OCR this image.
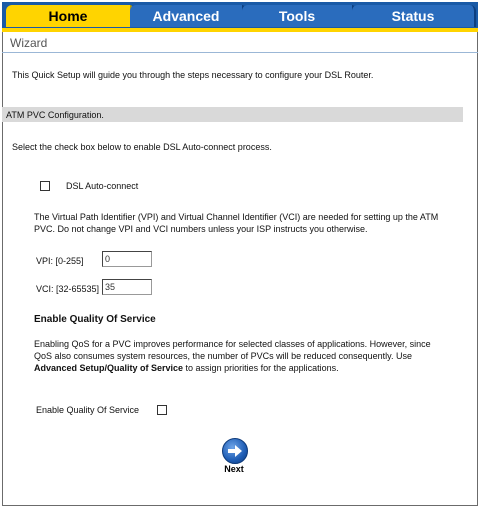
Home	Advanced	Tools	Status
Wizard
This Quick Setup will guide you through the steps necessary to configure your DSL Router.
ATM PVC Configuration.
Select the check box below to enable DSL Auto-connect process.
DSL Auto-connect
The Virtual Path Identifier (VPI) and Virtual Channel Identifier (VCI) are needed for setting up the ATM PVC. Do not change VPI and VCI numbers unless your ISP instructs you otherwise.
VPI: [0-255]
0
VCI: [32-65535]
35
Enable Quality Of Service
Enabling QoS for a PVC improves performance for selected classes of applications. However, since QoS also consumes system resources, the number of PVCs will be reduced consequently. Use Advanced Setup/Quality of Service to assign priorities for the applications.
Enable Quality Of Service
Next
